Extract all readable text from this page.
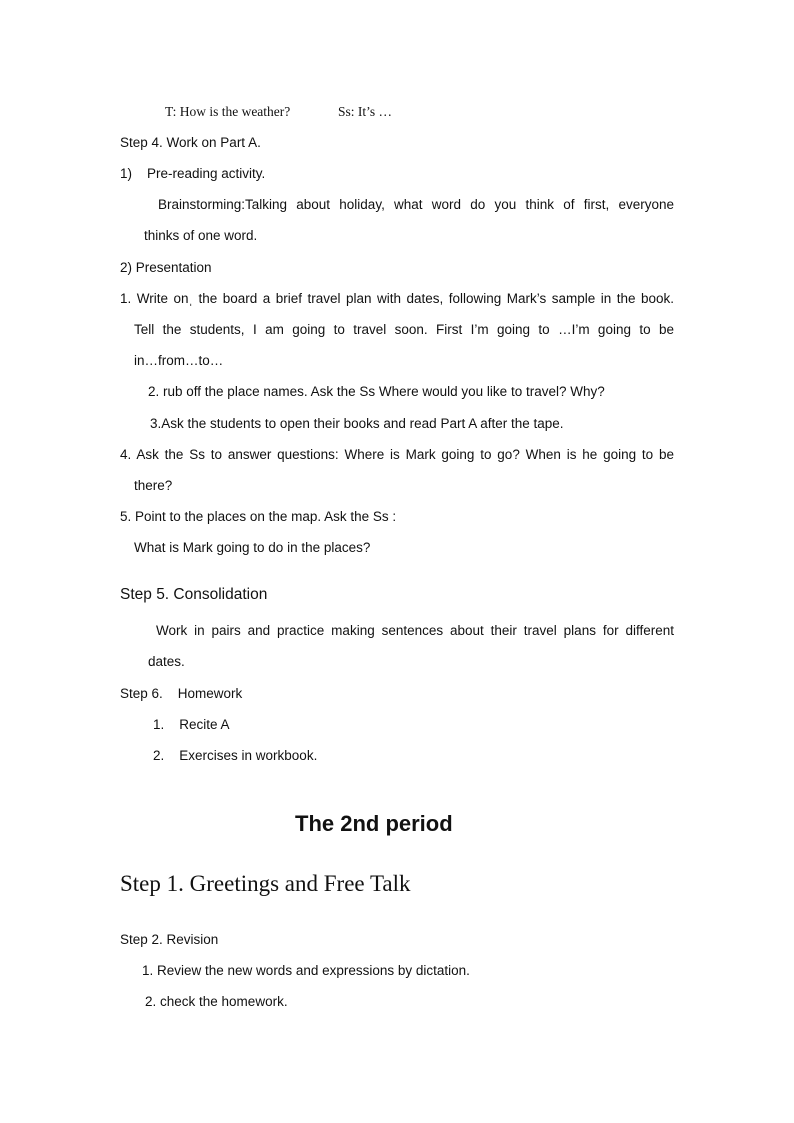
T: How is the weather?	Ss: It’s …
Step 4. Work on Part A.
1)    Pre-reading activity.
Brainstorming:Talking about holiday, what word do you think of first, everyone
thinks of one word.
2) Presentation
1. Write onˌ the board a brief travel plan with dates, following Mark’s sample in the book.
Tell the students, I am going to travel soon. First I’m going to …I’m going to be
in…from…to…
2. rub off the place names. Ask the Ss Where would you like to travel? Why?
3.Ask the students to open their books and read Part A after the tape.
4. Ask the Ss to answer questions: Where is Mark going to go? When is he going to be
there?
5. Point to the places on the map. Ask the Ss :
What is Mark going to do in the places?
Step 5. Consolidation
Work in pairs and practice making sentences about their travel plans for different
dates.
Step 6.    Homework
1.    Recite A
2.    Exercises in workbook.
The 2nd period
Step 1. Greetings and Free Talk
Step 2. Revision
1. Review the new words and expressions by dictation.
2. check the homework.
